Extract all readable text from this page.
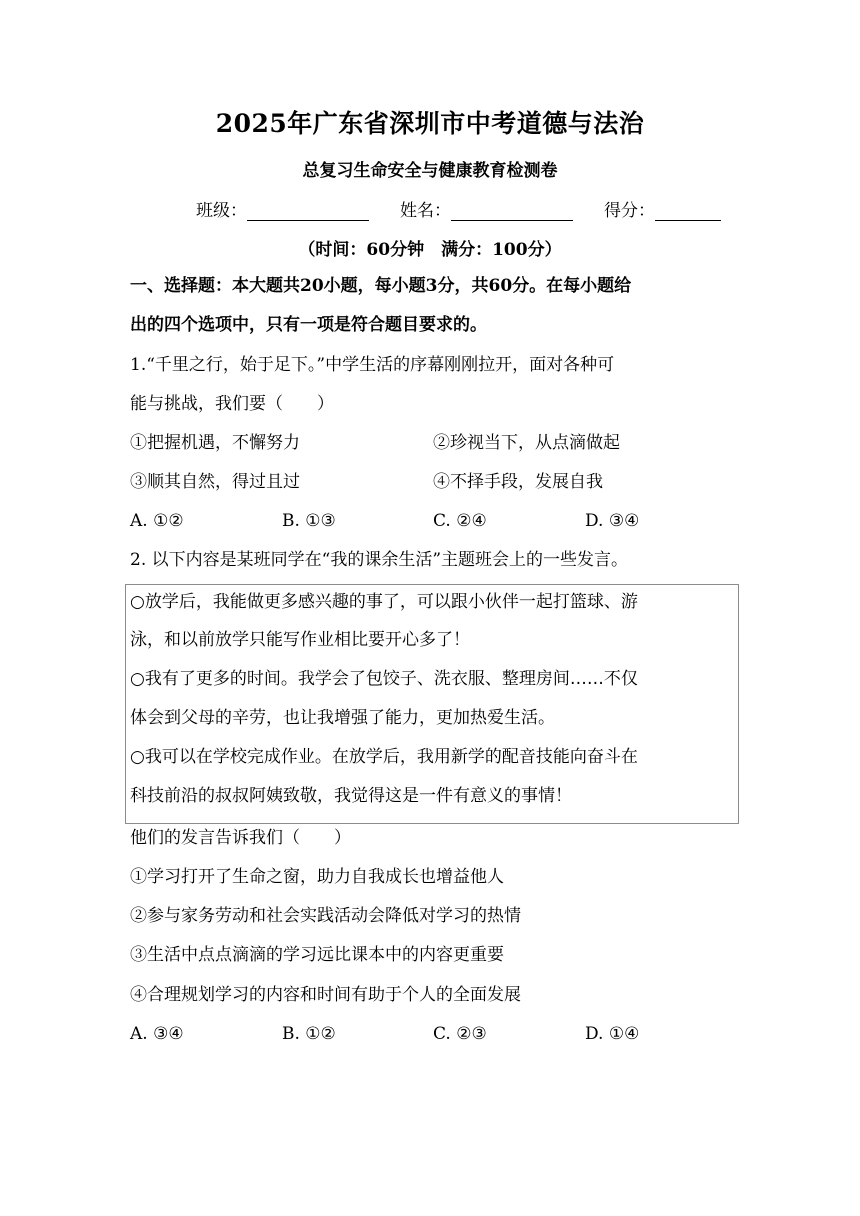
2025年广东省深圳市中考道德与法治
总复习生命安全与健康教育检测卷
班级：	姓名：	得分：
（时间：60分钟　满分：100分）
一、选择题：本大题共20小题，每小题3分，共60分。在每小题给
出的四个选项中，只有一项是符合题目要求的。
1.“千里之行，始于足下。”中学生活的序幕刚刚拉开，面对各种可
能与挑战，我们要（　　）
①把握机遇，不懈努力	②珍视当下，从点滴做起
③顺其自然，得过且过	④不择手段，发展自我
A. ①②	B. ①③	C. ②④	D. ③④
2. 以下内容是某班同学在“我的课余生活”主题班会上的一些发言。
○放学后，我能做更多感兴趣的事了，可以跟小伙伴一起打篮球、游
泳，和以前放学只能写作业相比要开心多了！
○我有了更多的时间。我学会了包饺子、洗衣服、整理房间……不仅
体会到父母的辛劳，也让我增强了能力，更加热爱生活。
○我可以在学校完成作业。在放学后，我用新学的配音技能向奋斗在
科技前沿的叔叔阿姨致敬，我觉得这是一件有意义的事情！
他们的发言告诉我们（　　）
①学习打开了生命之窗，助力自我成长也增益他人
②参与家务劳动和社会实践活动会降低对学习的热情
③生活中点点滴滴的学习远比课本中的内容更重要
④合理规划学习的内容和时间有助于个人的全面发展
A. ③④	B. ①②	C. ②③	D. ①④
